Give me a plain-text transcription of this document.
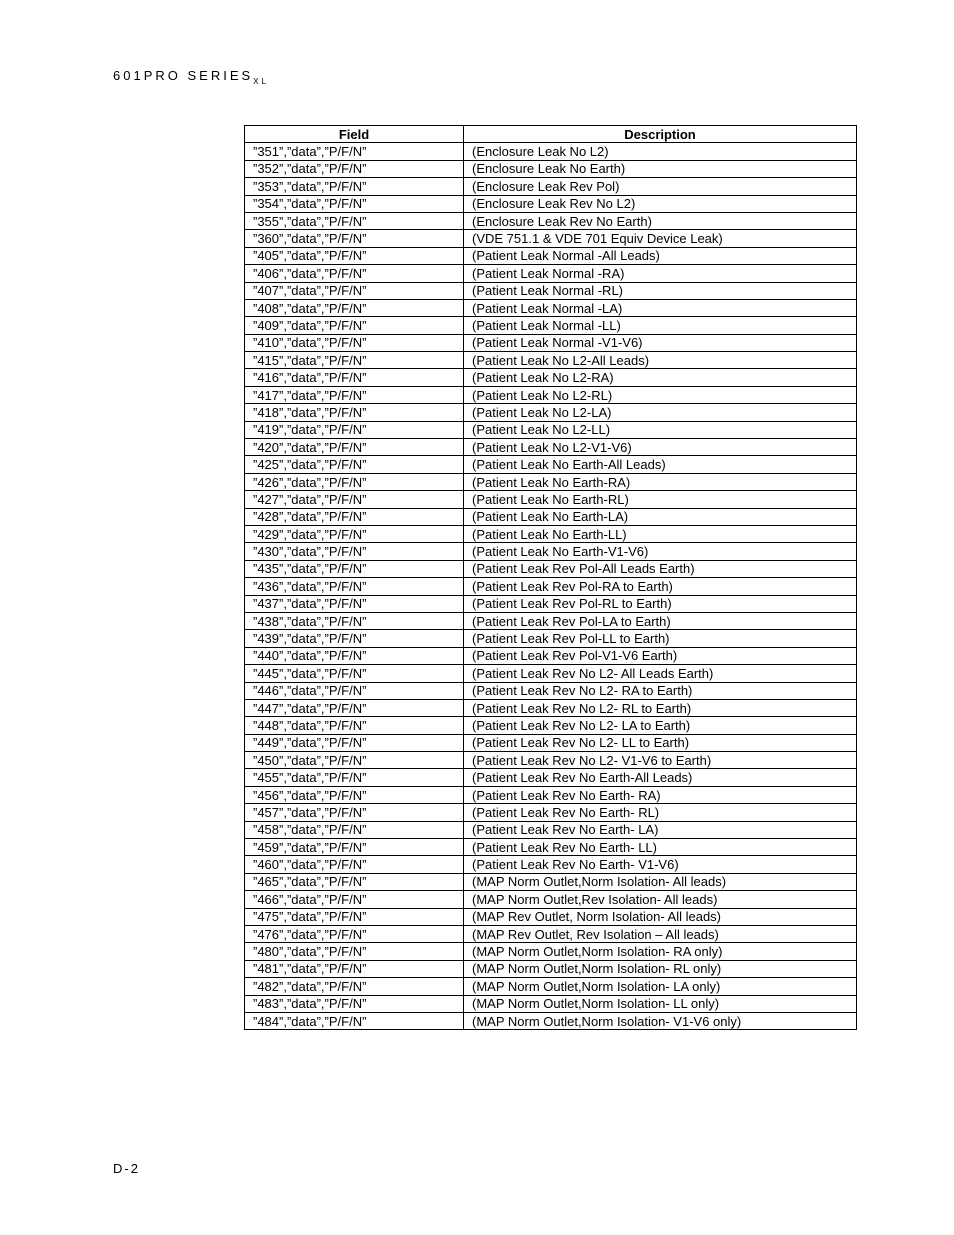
601PRO $SERIES_{XL}$
Field	Description
”351”,”data”,”P/F/N”	(Enclosure Leak No L2)
”352”,”data”,”P/F/N”	(Enclosure Leak No Earth)
”353”,”data”,”P/F/N”	(Enclosure Leak Rev Pol)
”354”,”data”,”P/F/N”	(Enclosure Leak Rev No L2)
”355”,”data”,”P/F/N”	(Enclosure Leak Rev No Earth)
”360”,”data”,”P/F/N”	(VDE 751.1 & VDE 701 Equiv Device Leak)
”405”,”data”,”P/F/N”	(Patient Leak Normal -All Leads)
”406”,”data”,”P/F/N”	(Patient Leak Normal -RA)
”407”,”data”,”P/F/N”	(Patient Leak Normal -RL)
”408”,”data”,”P/F/N”	(Patient Leak Normal -LA)
”409”,”data”,”P/F/N”	(Patient Leak Normal -LL)
”410”,”data”,”P/F/N”	(Patient Leak Normal -V1-V6)
”415”,”data”,”P/F/N”	(Patient Leak No L2-All Leads)
”416”,”data”,”P/F/N”	(Patient Leak No L2-RA)
”417”,”data”,”P/F/N”	(Patient Leak No L2-RL)
”418”,”data”,”P/F/N”	(Patient Leak No L2-LA)
”419”,”data”,”P/F/N”	(Patient Leak No L2-LL)
”420”,”data”,”P/F/N”	(Patient Leak No L2-V1-V6)
”425”,”data”,”P/F/N”	(Patient Leak No Earth-All Leads)
”426”,”data”,”P/F/N”	(Patient Leak No Earth-RA)
”427”,”data”,”P/F/N”	(Patient Leak No Earth-RL)
”428”,”data”,”P/F/N”	(Patient Leak No Earth-LA)
”429”,”data”,”P/F/N”	(Patient Leak No Earth-LL)
”430”,”data”,”P/F/N”	(Patient Leak No Earth-V1-V6)
”435”,”data”,”P/F/N”	(Patient Leak Rev Pol-All Leads Earth)
”436”,”data”,”P/F/N”	(Patient Leak Rev Pol-RA to Earth)
”437”,”data”,”P/F/N”	(Patient Leak Rev Pol-RL to Earth)
”438”,”data”,”P/F/N”	(Patient Leak Rev Pol-LA to Earth)
”439”,”data”,”P/F/N”	(Patient Leak Rev Pol-LL to Earth)
”440”,”data”,”P/F/N”	(Patient Leak Rev Pol-V1-V6 Earth)
”445”,”data”,”P/F/N”	(Patient Leak Rev No L2- All Leads Earth)
”446”,”data”,”P/F/N”	(Patient Leak Rev No L2- RA to Earth)
”447”,”data”,”P/F/N”	(Patient Leak Rev No L2- RL to Earth)
”448”,”data”,”P/F/N”	(Patient Leak Rev No L2- LA to Earth)
”449”,”data”,”P/F/N”	(Patient Leak Rev No L2- LL to Earth)
”450”,”data”,”P/F/N”	(Patient Leak Rev No L2- V1-V6 to Earth)
”455”,”data”,”P/F/N”	(Patient Leak Rev No Earth-All Leads)
”456”,”data”,”P/F/N”	(Patient Leak Rev No Earth- RA)
”457”,”data”,”P/F/N”	(Patient Leak Rev No Earth- RL)
”458”,”data”,”P/F/N”	(Patient Leak Rev No Earth- LA)
”459”,”data”,”P/F/N”	(Patient Leak Rev No Earth- LL)
”460”,”data”,”P/F/N”	(Patient Leak Rev No Earth- V1-V6)
”465”,”data”,”P/F/N”	(MAP Norm Outlet,Norm Isolation- All leads)
”466”,”data”,”P/F/N”	(MAP Norm Outlet,Rev Isolation- All leads)
”475”,”data”,”P/F/N”	(MAP Rev Outlet, Norm Isolation- All leads)
”476”,”data”,”P/F/N”	(MAP Rev Outlet, Rev Isolation – All leads)
”480”,”data”,”P/F/N”	(MAP Norm Outlet,Norm Isolation- RA only)
”481”,”data”,”P/F/N”	(MAP Norm Outlet,Norm Isolation- RL only)
”482”,”data”,”P/F/N”	(MAP Norm Outlet,Norm Isolation- LA only)
”483”,”data”,”P/F/N”	(MAP Norm Outlet,Norm Isolation- LL only)
”484”,”data”,”P/F/N”	(MAP Norm Outlet,Norm Isolation- V1-V6 only)
D-2
